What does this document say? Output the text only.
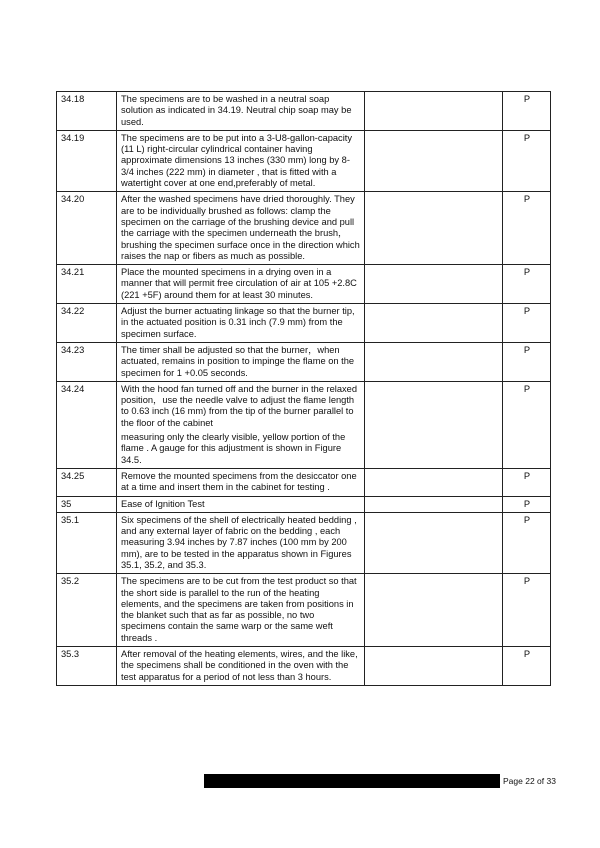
34.18	The specimens are to be washed in a neutral soap solution as indicated in 34.19. Neutral chip soap may be used.		P
34.19	The specimens are to be put into a 3-U8-gallon-capacity (11 L) right-circular cylindrical container having approximate dimensions 13 inches (330 mm) long by 8-3/4 inches (222 mm) in diameter , that is fitted with a watertight cover at one end,preferably of metal.		P
34.20	After the washed specimens have dried thoroughly. They are to be individually brushed as follows: clamp the specimen on the carriage of the brushing device and pull the carriage with the specimen underneath the brush，brushing the specimen surface once in the direction which raises the nap or fibers as much as possible.		P
34.21	Place the mounted specimens in a drying oven in a manner that will permit free circulation of air at 105 +2.8C (221 +5F) around them for at least 30 minutes.		P
34.22	Adjust the burner actuating linkage so that the burner tip, in the actuated position is 0.31 inch (7.9 mm) from the specimen surface.		P
34.23	The timer shall be adjusted so that the burner，when actuated, remains in position to impinge the flame on the specimen for 1 +0.05 seconds.		P
34.24	With the hood fan turned off and the burner in the relaxed position，use the needle valve to adjust the flame length to 0.63 inch (16 mm) from the tip of the burner parallel to the floor of the cabinet

measuring only the clearly visible, yellow portion of the flame . A gauge for this adjustment is shown in Figure 34.5.		P
34.25	Remove the mounted specimens from the desiccator one at a time and insert them in the cabinet for testing .		P
35	Ease of Ignition Test		P
35.1	Six specimens of the shell of electrically heated bedding , and any external layer of fabric on the bedding , each measuring 3.94 inches by 7.87 inches (100 mm by 200 mm), are to be tested in the apparatus shown in Figures 35.1, 35.2, and 35.3.		P
35.2	The specimens are to be cut from the test product so that the short side is parallel to the run of the heating elements, and the specimens are taken from positions in the blanket such that as far as possible, no two specimens contain the same warp or the same weft threads .		P
35.3	After removal of the heating elements, wires, and the like, the specimens shall be conditioned in the oven with the test apparatus for a period of not less than 3 hours.		P
Page 22 of 33
